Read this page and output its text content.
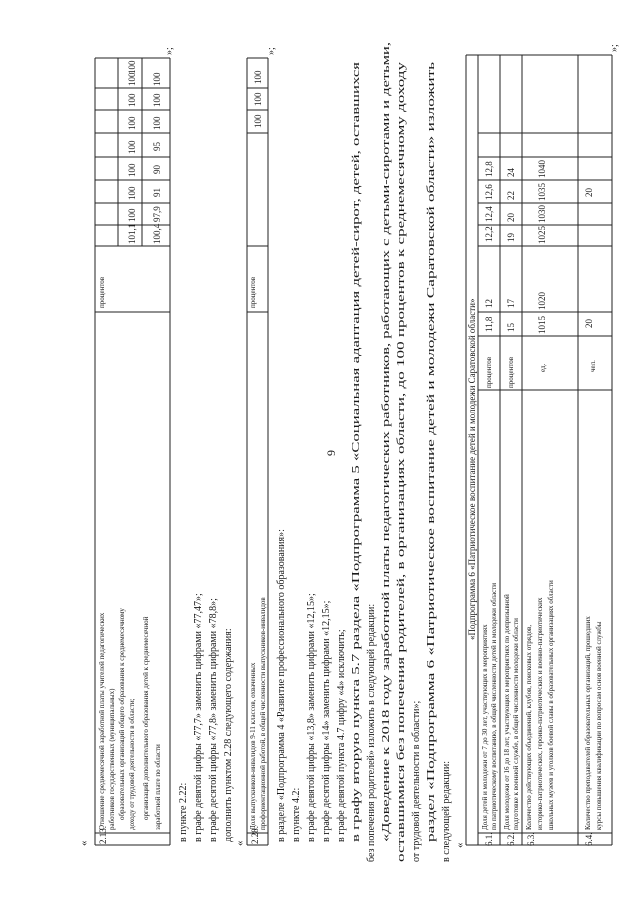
9
« 2.13.
Отношение среднемесячной заработной платы учителей педагогических работников государственных (муниципальных) образовательных организаций общего образования к среднемесячному доходу от трудовой деятельности в области; организаций дополнительного образования детей к среднемесячной заработной плате по области
процентов
101,1
100
100
100
100
100
100
100
100
100,4
97,9
91
90
95
100
100
100
»;
в пункте 2.22: в графе девятой цифры «77,7» заменить цифрами «77,47»; в графе десятой цифры «77,8» заменить цифрами «78,8»; дополнить пунктом 2.28 следующего содержания:
« 2.28.
Доля выпускников-инвалидов 9-11 классов, охваченных профориентационной работой, в общей численности выпускников-инвалидов
процентов
100
100
100
»;
в разделе «Подпрограмма 4 «Развитие профессионального образования»: в пункте 4.2: в графе девятой цифры «13,8» заменить цифрами «12,15»; в графе десятой цифры «14» заменить цифрами «12,15»; в графе девятой пункта 4.7 цифру «4» исключить; в графу вторую пункта 5.7 раздела «Подпрограмма 5 «Социальная адаптация детей-сирот, детей, оставшихся без попечения родителей» изложить в следующей редакции: «Доведение к 2018 году заработной платы педагогических работников, работающих с детьми-сиротами и детьми, оставшимися без попечения родителей, в организациях области, до 100 процентов к среднемесячному доходу от трудовой деятельности в области»; раздел «Подпрограмма 6 «Патриотическое воспитание детей и молодежи Саратовской области» изложить в следующей редакции: «
«Подпрограмма 6 «Патриотическое воспитание детей и молодежи Саратовской области»
6.1.
Доля детей и молодежи от 7 до 30 лет, участвующих в мероприятиях по патриотическому воспитанию, в общей численности детей и молодежи области
процентов
11,8
12
12,2
12,4
12,6
12,8
6.2.
Доля молодежи от 16 до 18 лет, участвующих в мероприятиях по допризывной подготовке к военной службе, в общей численности молодежи области
процентов
15
17
19
20
22
24
6.3.
Количество действующих объединений, клубов, поисковых отрядов, историко-патриотических, героико-патриотических и военно-патриотических школьных музеев и уголков боевой славы в образовательных организациях области
ед.
1015
1020
1025
1030
1035
1040
6.4.
Количество преподавателей образовательных организаций, прошедших курсы повышения квалификации по вопросам основ военной службы
чел.
20
20
»;
